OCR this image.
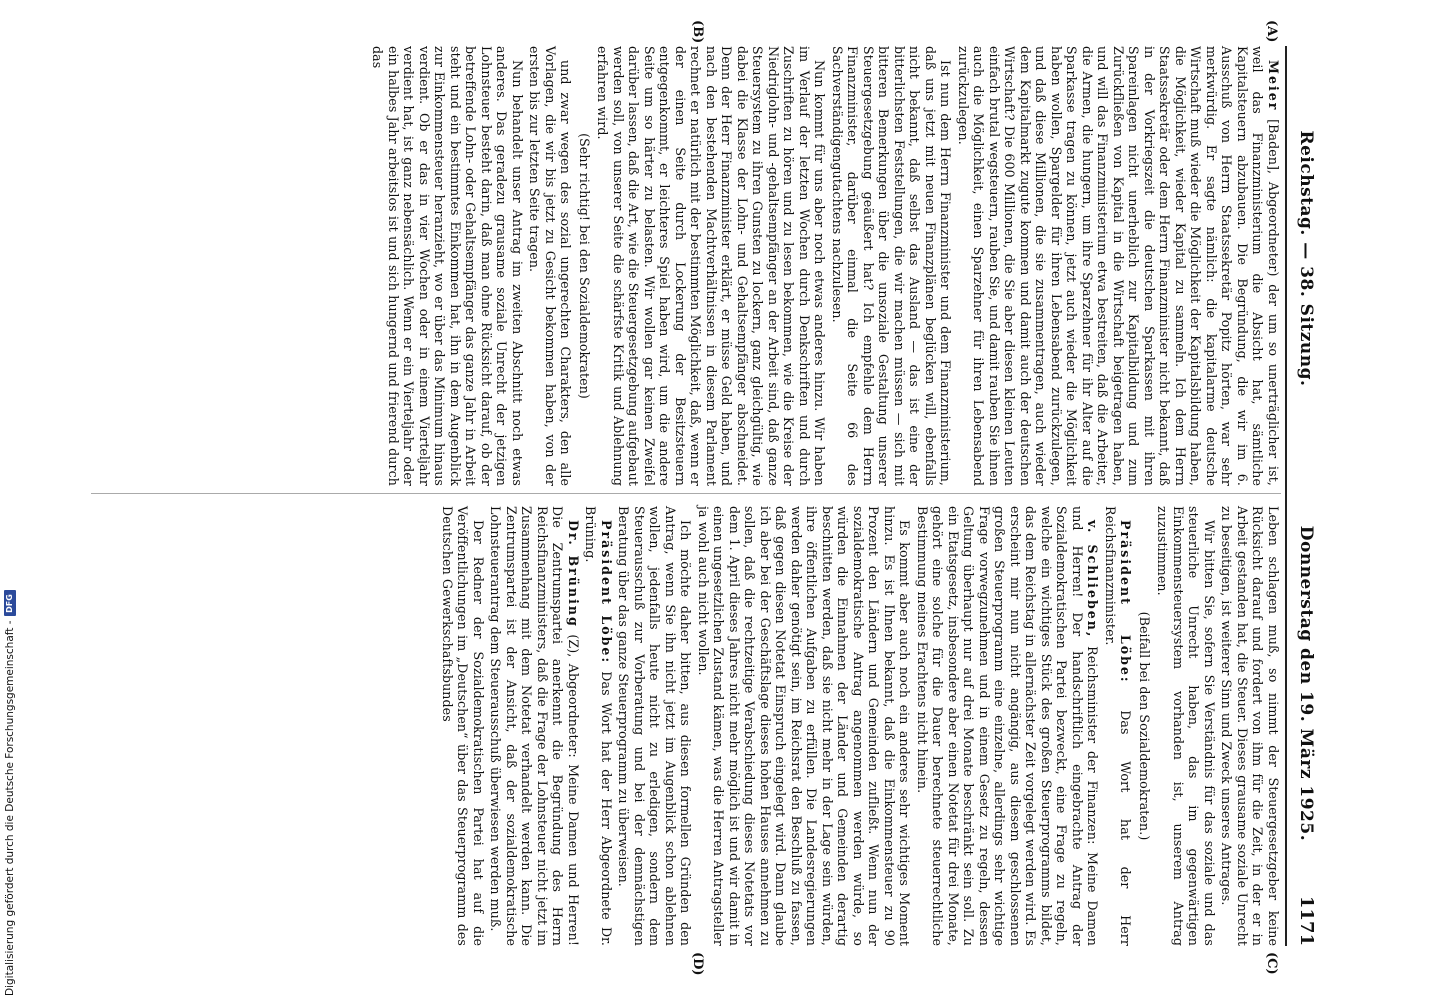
Reichstag. — 38. Sitzung.
Donnerstag den 19. März 1925.
1171
(A)
(B)
(C)
(D)

Meier [Baden], Abgeordneter) der um so unerträglicher ist, weil das Finanzministerium die Absicht hat, sämtliche Kapitalsteuern abzubauen. Die Begründung, die wir im 6. Ausschuß von Herrn Staatssekretär Popitz hörten, war sehr merkwürdig. Er sagte nämlich: die kapitalarme deutsche Wirtschaft muß wieder die Möglichkeit der Kapitalsbildung haben, die Möglichkeit, wieder Kapital zu sammeln. Ich dem Herrn Staatssekretär oder dem Herrn Finanzminister nicht bekannt, daß in der Vorkriegszeit die deutschen Sparkassen mit ihren Spareinlagen nicht unerheblich zur Kapitalbildung und zum Zurückfließen von Kapital in die Wirtschaft beigetragen haben, und will das Finanzministerium etwa bestreiten, daß die Arbeiter, die Armen, die hungern, um ihre Sparzehner für ihr Alter auf die Sparkasse tragen zu können, jetzt auch wieder die Möglichkeit haben wollen, Spargelder für ihren Lebensabend zurückzulegen, und daß diese Millionen, die sie zusammentragen, auch wieder dem Kapitalmarkt zugute kommen und damit auch der deutschen Wirtschaft? Die 600 Millionen, die Sie aber diesen kleinen Leuten einfach brutal wegsteuern, rauben Sie, und damit rauben Sie ihnen auch die Möglichkeit, einen Sparzehner für ihren Lebensabend zurückzulegen.

Ist nun dem Herrn Finanzminister und dem Finanzministerium, daß uns jetzt mit neuen Finanzplänen beglücken will, ebenfalls nicht bekannt, daß selbst das Ausland — das ist eine der bitterlichsten Feststellungen, die wir machen müssen — sich mit bitteren Bemerkungen über die unsoziale Gestaltung unserer Steuergesetzgebung geäußert hat? Ich empfehle dem Herrn Finanzminister, darüber einmal die Seite 66 des Sachverständigengutachtens nachzulesen.

Nun kommt für uns aber noch etwas anderes hinzu. Wir haben im Verlauf der letzten Wochen durch Denkschriften und durch Zuschriften zu hören und zu lesen bekommen, wie die Kreise der Niedriglohn- und -gehaltsempfänger an der Arbeit sind, daß ganze Steuersystem zu ihren Gunsten zu lockern, ganz gleichgültig, wie dabei die Klasse der Lohn- und Gehaltsempfänger abschneidet. Denn der Herr Finanzminister erklärt, er müsse Geld haben, und nach den bestehenden Machtverhältnissen in diesem Parlament rechnet er natürlich mit der bestimmten Möglichkeit, daß, wenn er der einen Seite durch Lockerung der Besitzsteuern entgegenkommt, er leichteres Spiel haben wird, um die andere Seite um so härter zu belasten. Wir wollen gar keinen Zweifel darüber lassen, daß die Art, wie die Steuergesetzgebung aufgebaut werden soll, von unserer Seite die schärfste Kritik und Ablehnung erfahren wird.

(Sehr richtig! bei den Sozialdemokraten)

und zwar wegen des sozial ungerechten Charakters, den alle Vorlagen, die wir bis jetzt zu Gesicht bekommen haben, von der ersten bis zur letzten Seite tragen.

Nun behandelt unser Antrag im zweiten Abschnitt noch etwas anderes. Das geradezu grausame soziale Unrecht der jetzigen Lohnsteuer besteht darin, daß man ohne Rücksicht darauf, ob der betreffende Lohn- oder Gehaltsempfänger das ganze Jahr in Arbeit steht und ein bestimmtes Einkommen hat, ihn in dem Augenblick zur Einkommensteuer heranzieht, wo er über das Minimum hinaus verdient. Ob er das in vier Wochen oder in einem Vierteljahr verdient hat, ist ganz nebensächlich. Wenn er ein Vierteljahr oder ein halbes Jahr arbeitslos ist und sich hungernd und frierend durch das

Leben schlagen muß, so nimmt der Steuergesetzgeber keine Rücksicht darauf und fordert von ihm für die Zeit, in der er in Arbeit gestanden hat, die Steuer. Dieses grausame soziale Unrecht zu beseitigen, ist weiterer Sinn und Zweck unseres Antrages.

Wir bitten Sie, sofern Sie Verständnis für das soziale und das steuerliche Unrecht haben, das im gegenwärtigen Einkommensteuersystem vorhanden ist, unserem Antrag zuzustimmen.

(Beifall bei den Sozialdemokraten.)

Präsident Löbe: Das Wort hat der Herr Reichsfinanzminister.

v. Schlieben, Reichsminister der Finanzen: Meine Damen und Herren! Der handschriftlich eingebrachte Antrag der Sozialdemokratischen Partei bezweckt, eine Frage zu regeln, welche ein wichtiges Stück des großen Steuerprogramms bildet, das dem Reichstag in allernächster Zeit vorgelegt werden wird. Es erscheint mir nun nicht angängig, aus diesem geschlossenen großen Steuerprogramm eine einzelne, allerdings sehr wichtige Frage vorwegzunehmen und in einem Gesetz zu regeln, dessen Geltung überhaupt nur auf drei Monate beschränkt sein soll. Zu ein Etatsgesetz, insbesondere aber einen Notetat für drei Monate, gehört eine solche für die Dauer berechnete steuerrechtliche Bestimmung meines Erachtens nicht hinein.

Es kommt aber auch noch ein anderes sehr wichtiges Moment hinzu. Es ist Ihnen bekannt, daß die Einkommensteuer zu 90 Prozent den Ländern und Gemeinden zufließt. Wenn nun der sozialdemokratische Antrag angenommen werden würde, so würden die Einnahmen der Länder und Gemeinden derartig beschnitten werden, daß sie nicht mehr in der Lage sein würden, ihre öffentlichen Aufgaben zu erfüllen. Die Landesregierungen werden daher genötigt sein, im Reichsrat den Beschluß zu fassen, daß gegen diesen Notetat Einspruch eingelegt wird. Dann glaube ich aber bei der Geschäftslage dieses hohen Hauses annehmen zu sollen, daß die rechtzeitige Verabschiedung dieses Notetats vor dem 1. April dieses Jahres nicht mehr möglich ist und wir damit in einen ungesetzlichen Zustand kämen, was die Herren Antragsteller ja wohl auch nicht wollen.

Ich möchte daher bitten, aus diesen formellen Gründen den Antrag, wenn Sie ihn nicht jetzt im Augenblick schon ablehnen wollen, jedenfalls heute nicht zu erledigen, sondern dem Steuerausschuß zur Vorberatung und bei der demnächstigen Beratung über das ganze Steuerprogramm zu überweisen.

Präsident Löbe: Das Wort hat der Herr Abgeordnete Dr. Brüning.

Dr. Brüning (Z), Abgeordneter: Meine Damen und Herren! Die Zentrumspartei anerkennt die Begründung des Herrn Reichsfinanzministers, daß die Frage der Lohnsteuer nicht jetzt im Zusammenhang mit dem Notetat verhandelt werden kann. Die Zentrumspartei ist der Ansicht, daß der sozialdemokratische Lohnsteuerantrag dem Steuerausschuß überwiesen werden muß.

Der Redner der Sozialdemokratischen Partei hat auf die Veröffentlichungen im „Deutschen“ über das Steuerprogramm des Deutschen Gewerkschaftsbundes

Digitalisierung gefördert durch die Deutsche Forschungsgemeinschaft -
DFG
